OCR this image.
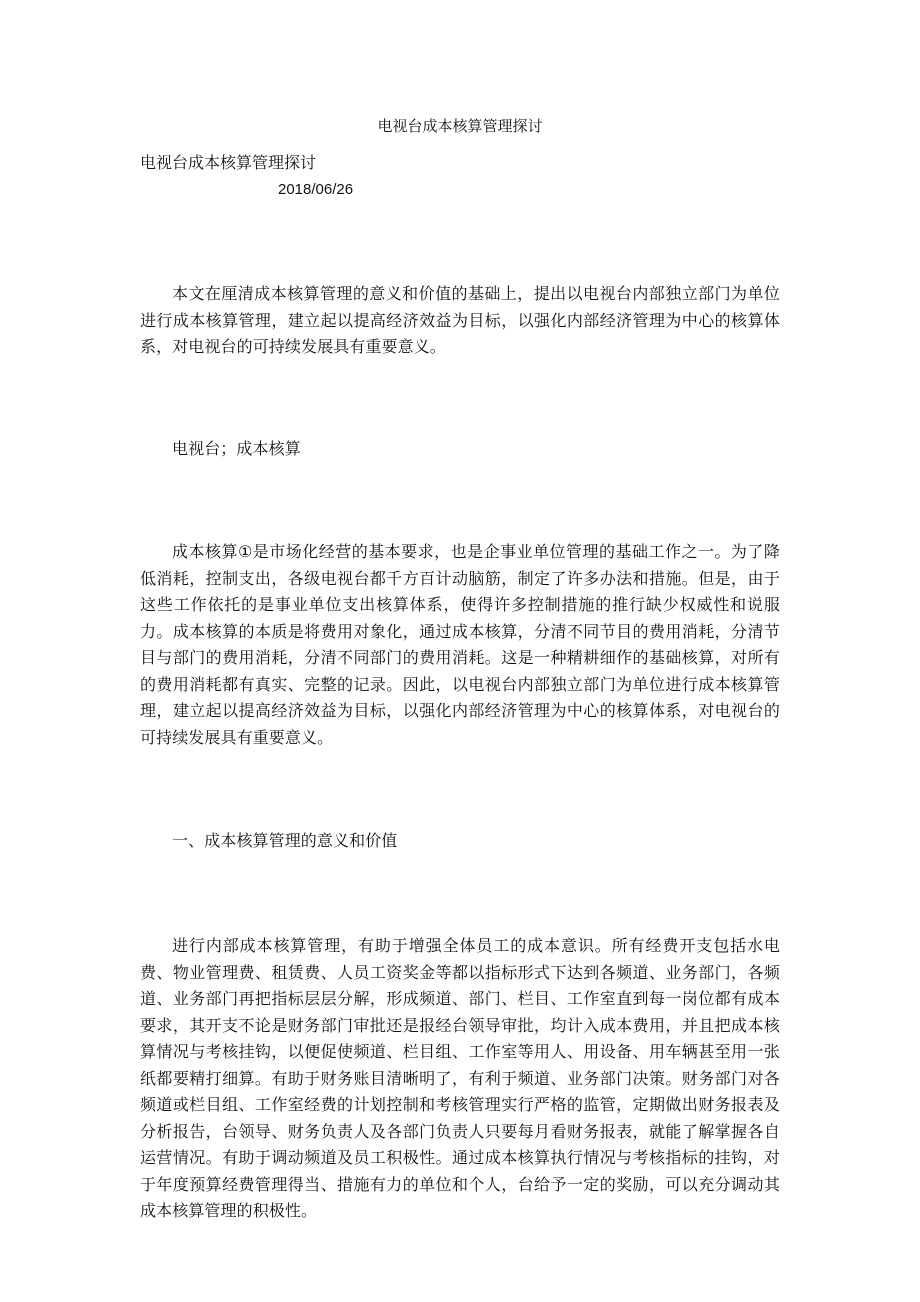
电视台成本核算管理探讨
电视台成本核算管理探讨
2018/06/26

本文在厘清成本核算管理的意义和价值的基础上，提出以电视台内部独立部门为单位进行成本核算管理，建立起以提高经济效益为目标，以强化内部经济管理为中心的核算体系，对电视台的可持续发展具有重要意义。

电视台；成本核算

成本核算①是市场化经营的基本要求，也是企事业单位管理的基础工作之一。为了降低消耗，控制支出，各级电视台都千方百计动脑筋，制定了许多办法和措施。但是，由于这些工作依托的是事业单位支出核算体系，使得许多控制措施的推行缺少权威性和说服力。成本核算的本质是将费用对象化，通过成本核算，分清不同节目的费用消耗，分清节目与部门的费用消耗，分清不同部门的费用消耗。这是一种精耕细作的基础核算，对所有的费用消耗都有真实、完整的记录。因此，以电视台内部独立部门为单位进行成本核算管理，建立起以提高经济效益为目标，以强化内部经济管理为中心的核算体系，对电视台的可持续发展具有重要意义。

一、成本核算管理的意义和价值

进行内部成本核算管理，有助于增强全体员工的成本意识。所有经费开支包括水电费、物业管理费、租赁费、人员工资奖金等都以指标形式下达到各频道、业务部门，各频道、业务部门再把指标层层分解，形成频道、部门、栏目、工作室直到每一岗位都有成本要求，其开支不论是财务部门审批还是报经台领导审批，均计入成本费用，并且把成本核算情况与考核挂钩，以便促使频道、栏目组、工作室等用人、用设备、用车辆甚至用一张纸都要精打细算。有助于财务账目清晰明了，有利于频道、业务部门决策。财务部门对各频道或栏目组、工作室经费的计划控制和考核管理实行严格的监管，定期做出财务报表及分析报告，台领导、财务负责人及各部门负责人只要每月看财务报表，就能了解掌握各自运营情况。有助于调动频道及员工积极性。通过成本核算执行情况与考核指标的挂钩，对于年度预算经费管理得当、措施有力的单位和个人，台给予一定的奖励，可以充分调动其成本核算管理的积极性。
